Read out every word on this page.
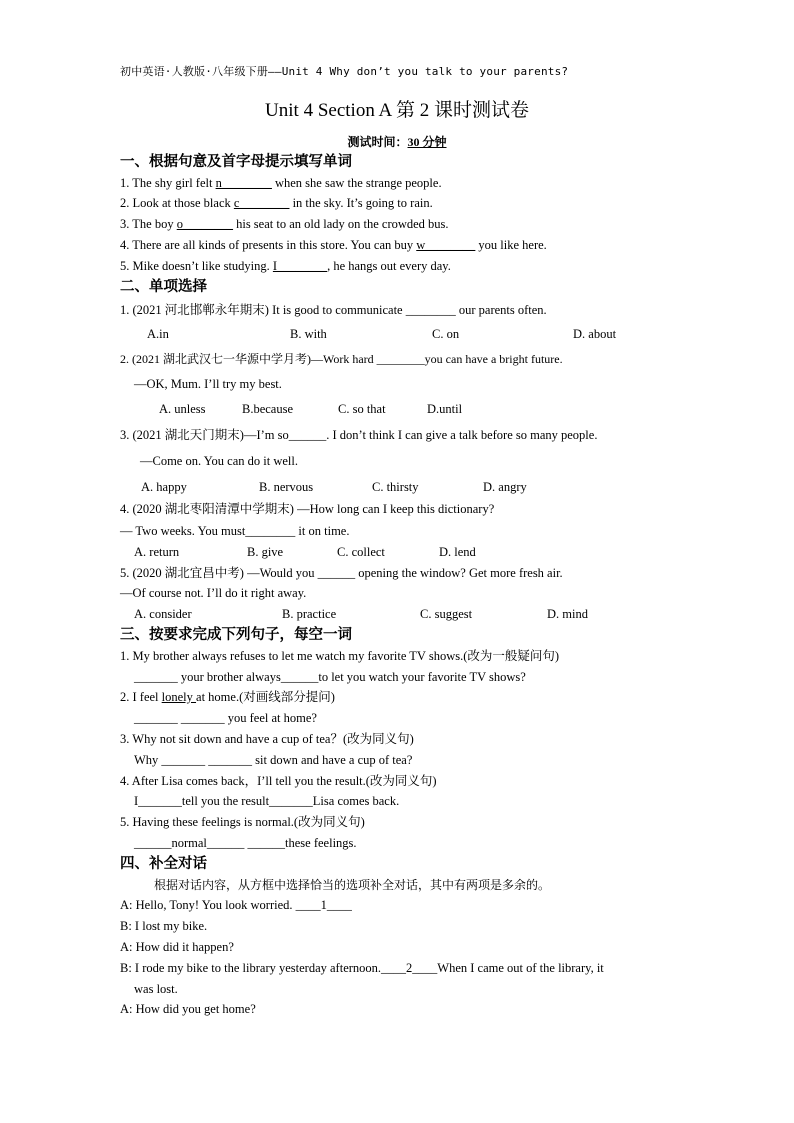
初中英语·人教版·八年级下册——Unit 4 Why don’t you talk to your parents?
Unit 4 Section A 第 2 课时测试卷
测试时间：30 分钟
一、根据句意及首字母提示填写单词
1. The shy girl felt n________ when she saw the strange people.
2. Look at those black c________ in the sky. It’s going to rain.
3. The boy o________ his seat to an old lady on the crowded bus.
4. There are all kinds of presents in this store. You can buy w________ you like here.
5. Mike doesn’t like studying. I________, he hangs out every day.
二、单项选择
1. (2021 河北邯郸永年期末) It is good to communicate ________ our parents often.
A.in	B. with	C. on	D. about
2. (2021 湖北武汉七一华源中学月考)—Work hard ________you can have a bright future.
—OK, Mum. I’ll try my best.
A. unless	B.because	C. so that	D.until
3. (2021 湖北天门期末)—I’m so______. I don’t think I can give a talk before so many people.
—Come on. You can do it well.
A. happy	B. nervous	C. thirsty	D. angry
4. (2020 湖北枣阳清潭中学期末) —How long can I keep this dictionary?
— Two weeks. You must________ it on time.
A. return	B. give	C. collect	D. lend
5. (2020 湖北宜昌中考) —Would you ______ opening the window? Get more fresh air.
—Of course not. I’ll do it right away.
A. consider	B. practice	C. suggest	D. mind
三、按要求完成下列句子，每空一词
1. My brother always refuses to let me watch my favorite TV shows.(改为一般疑问句)
_______ your brother always______to let you watch your favorite TV shows?
2. I feel lonely at home.(对画线部分提问)
_______ _______ you feel at home?
3. Why not sit down and have a cup of tea？(改为同义句)
Why _______ _______ sit down and have a cup of tea?
4. After Lisa comes back，I’ll tell you the result.(改为同义句)
I_______tell you the result_______Lisa comes back.
5. Having these feelings is normal.(改为同义句)
______normal______ ______these feelings.
四、补全对话
根据对话内容，从方框中选择恰当的选项补全对话，其中有两项是多余的。
A: Hello, Tony! You look worried. ____1____
B: I lost my bike.
A: How did it happen?
B: I rode my bike to the library yesterday afternoon.____2____When I came out of the library, it
was lost.
A: How did you get home?
